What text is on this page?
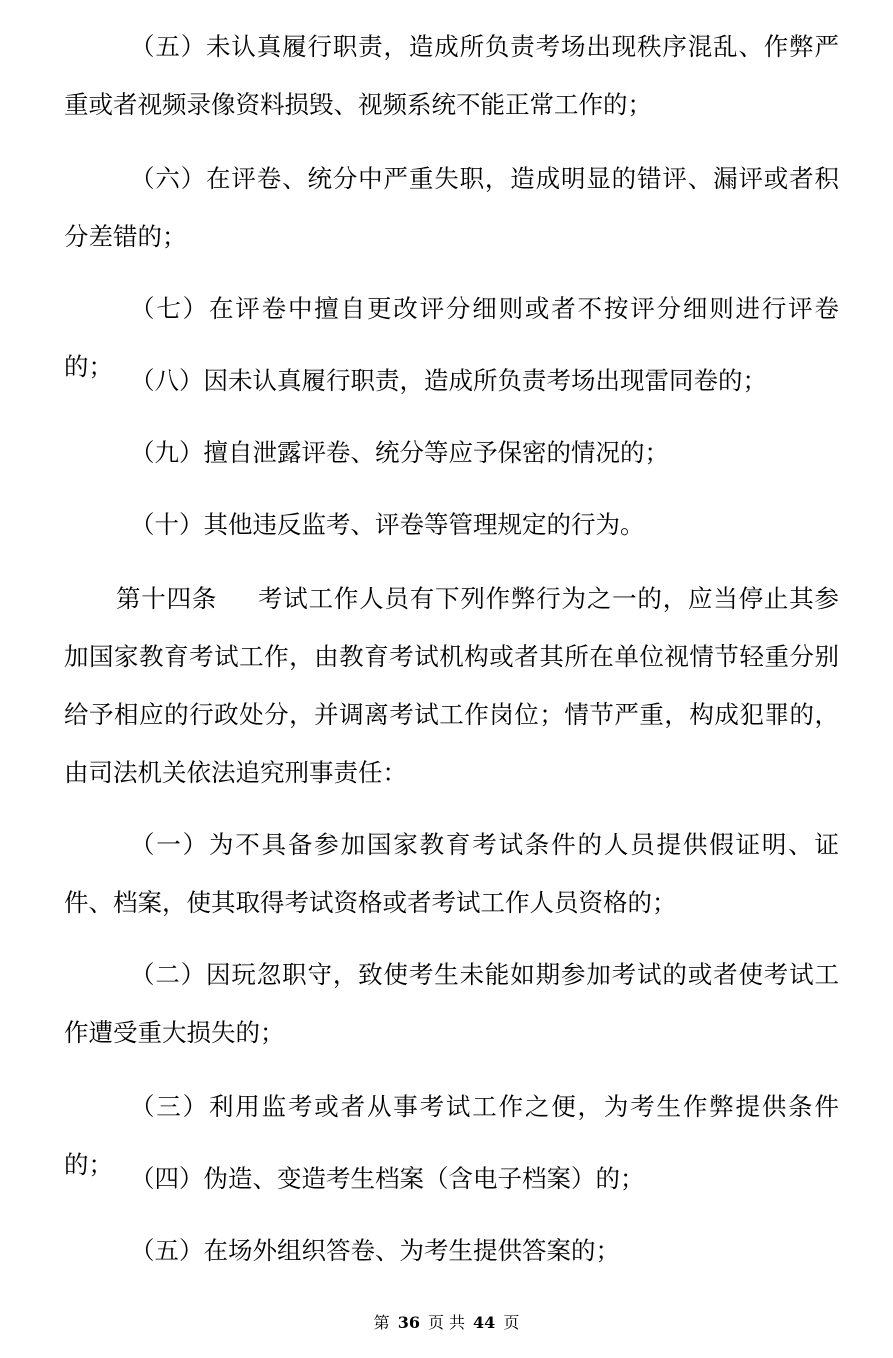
（五）未认真履行职责，造成所负责考场出现秩序混乱、作弊严重或者视频录像资料损毁、视频系统不能正常工作的；

（六）在评卷、统分中严重失职，造成明显的错评、漏评或者积分差错的；

（七）在评卷中擅自更改评分细则或者不按评分细则进行评卷的； （八）因未认真履行职责，造成所负责考场出现雷同卷的；

（九）擅自泄露评卷、统分等应予保密的情况的；

（十）其他违反监考、评卷等管理规定的行为。

第十四条 考试工作人员有下列作弊行为之一的，应当停止其参加国家教育考试工作，由教育考试机构或者其所在单位视情节轻重分别给予相应的行政处分，并调离考试工作岗位；情节严重，构成犯罪的，由司法机关依法追究刑事责任：

（一）为不具备参加国家教育考试条件的人员提供假证明、证件、档案，使其取得考试资格或者考试工作人员资格的；

（二）因玩忽职守，致使考生未能如期参加考试的或者使考试工作遭受重大损失的；

（三）利用监考或者从事考试工作之便，为考生作弊提供条件的； （四）伪造、变造考生档案（含电子档案）的；

（五）在场外组织答卷、为考生提供答案的；

第 36 页 共 44 页
